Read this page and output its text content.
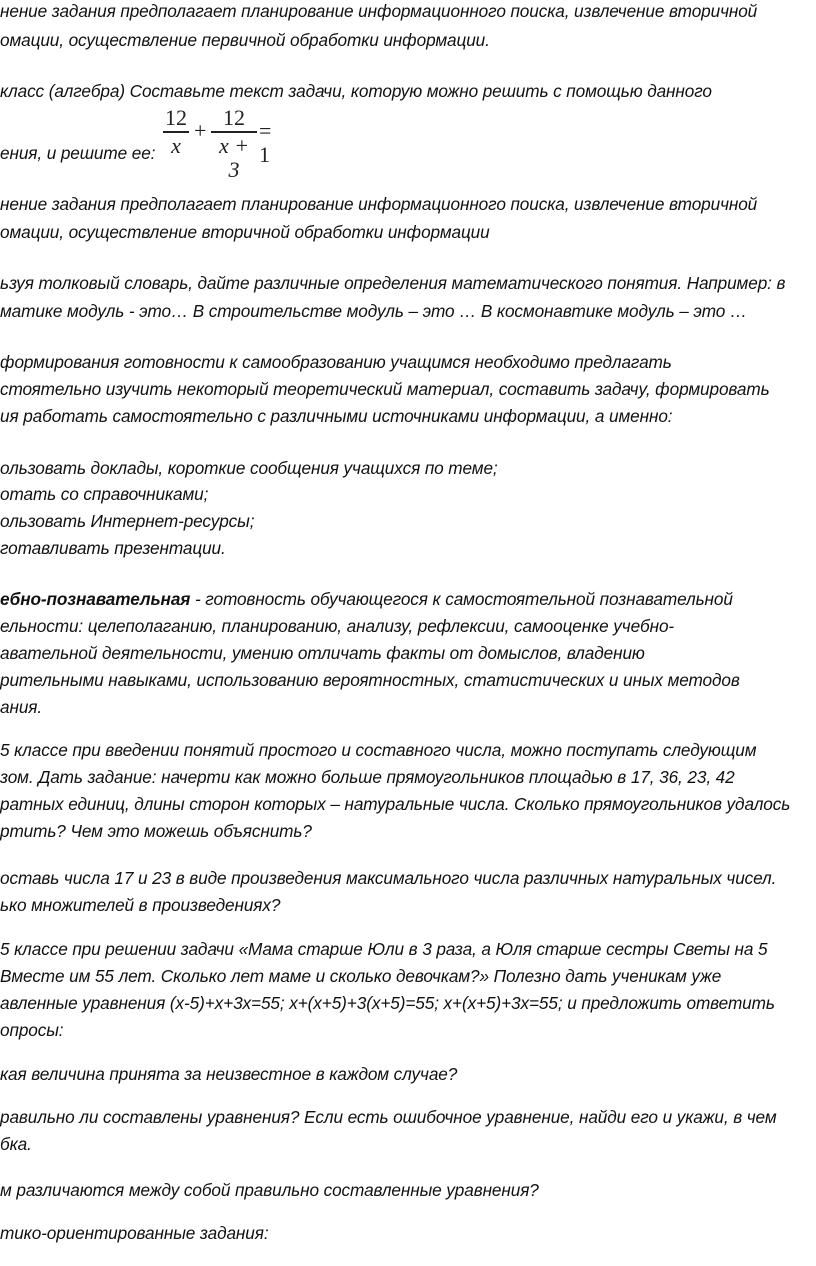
нение задания предполагает планирование информационного поиска, извлечение вторичной
омации, осуществление первичной обработки информации.
класс (алгебра) Составьте текст задачи, которую можно решить с помощью данного
ения, и решите ее:
12
x
+
12
x + 3
= 1
нение задания предполагает планирование информационного поиска, извлечение вторичной
омации, осуществление вторичной обработки информации
ьзуя толковый словарь, дайте различные определения математического понятия. Например: в
матике модуль - это… В строительстве модуль – это … В космонавтике модуль – это …
формирования готовности к самообразованию учащимся необходимо предлагать
стоятельно изучить некоторый теоретический материал, составить задачу, формировать
ия работать самостоятельно с различными источниками информации, а именно:
ользовать доклады, короткие сообщения учащихся по теме;
отать со справочниками;
ользовать Интернет-ресурсы;
готавливать презентации.
ебно-познавательная - готовность обучающегося к самостоятельной познавательной
ельности: целеполаганию, планированию, анализу, рефлексии, самооценке учебно-
авательной деятельности, умению отличать факты от домыслов, владению
рительными навыками, использованию вероятностных, статистических и иных методов
ания.
5 классе при введении понятий простого и составного числа, можно поступать следующим
зом. Дать задание: начерти как можно больше прямоугольников площадью в 17, 36, 23, 42
ратных единиц, длины сторон которых – натуральные числа. Сколько прямоугольников удалось
ртить? Чем это можешь объяснить?
оставь числа 17 и 23 в виде произведения максимального числа различных натуральных чисел.
ько множителей в произведениях?
5 классе при решении задачи «Мама старше Юли в 3 раза, а Юля старше сестры Светы на 5
Вместе им 55 лет. Сколько лет маме и сколько девочкам?» Полезно дать ученикам уже
авленные уравнения (х-5)+х+3х=55; х+(х+5)+3(х+5)=55; х+(х+5)+3х=55; и предложить ответить
опросы:
кая величина принята за неизвестное в каждом случае?
равильно ли составлены уравнения? Если есть ошибочное уравнение, найди его и укажи, в чем
бка.
м различаются между собой правильно составленные уравнения?
тико-ориентированные задания:
